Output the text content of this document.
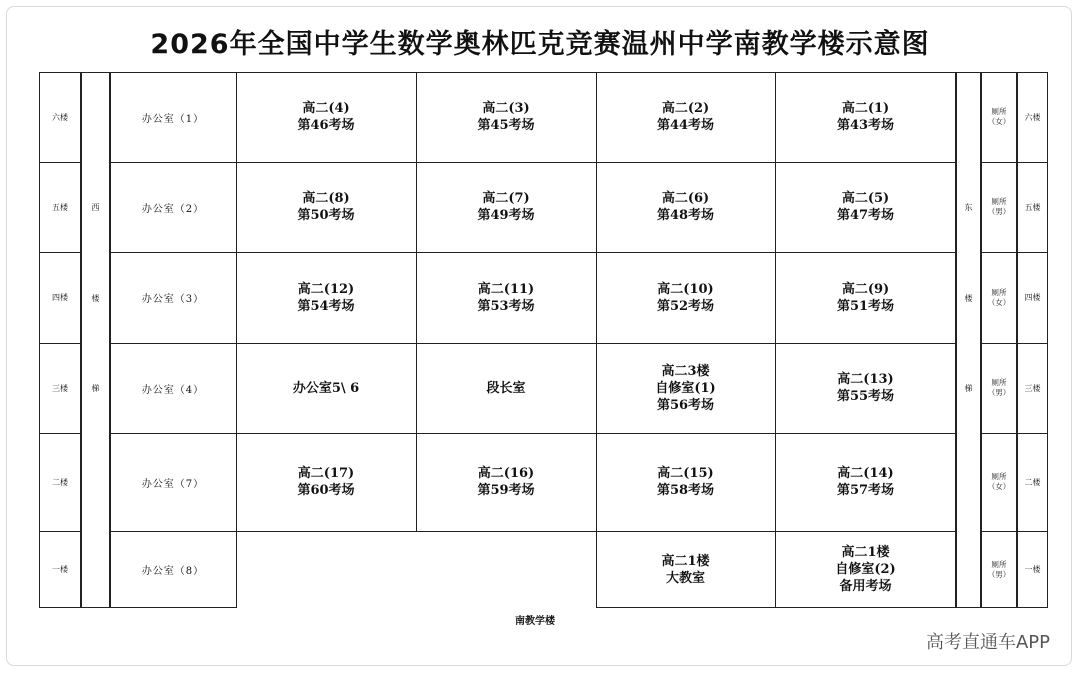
2026年全国中学生数学奥林匹克竞赛温州中学南教学楼示意图
六楼
五楼
四楼
三楼
二楼
一楼
西
楼
梯
办公室（1）
办公室（2）
办公室（3）
办公室（4）
办公室（7）
办公室（8）
高二(4)
第46考场
高二(3)
第45考场
高二(2)
第44考场
高二(1)
第43考场
高二(8)
第50考场
高二(7)
第49考场
高二(6)
第48考场
高二(5)
第47考场
高二(12)
第54考场
高二(11)
第53考场
高二(10)
第52考场
高二(9)
第51考场
办公室5\ 6	段长室
高二3楼
自修室(1)
第56考场
高二(13)
第55考场
高二(17)
第60考场
高二(16)
第59考场
高二(15)
第58考场
高二(14)
第57考场
高二1楼
大教室
高二1楼
自修室(2)
备用考场
东
楼
梯
厕所
（女）
厕所
（男）
厕所
（女）
厕所
（男）
厕所
（女）
厕所
（男）
六楼
五楼
四楼
三楼
二楼
一楼
南教学楼
高考直通车APP
